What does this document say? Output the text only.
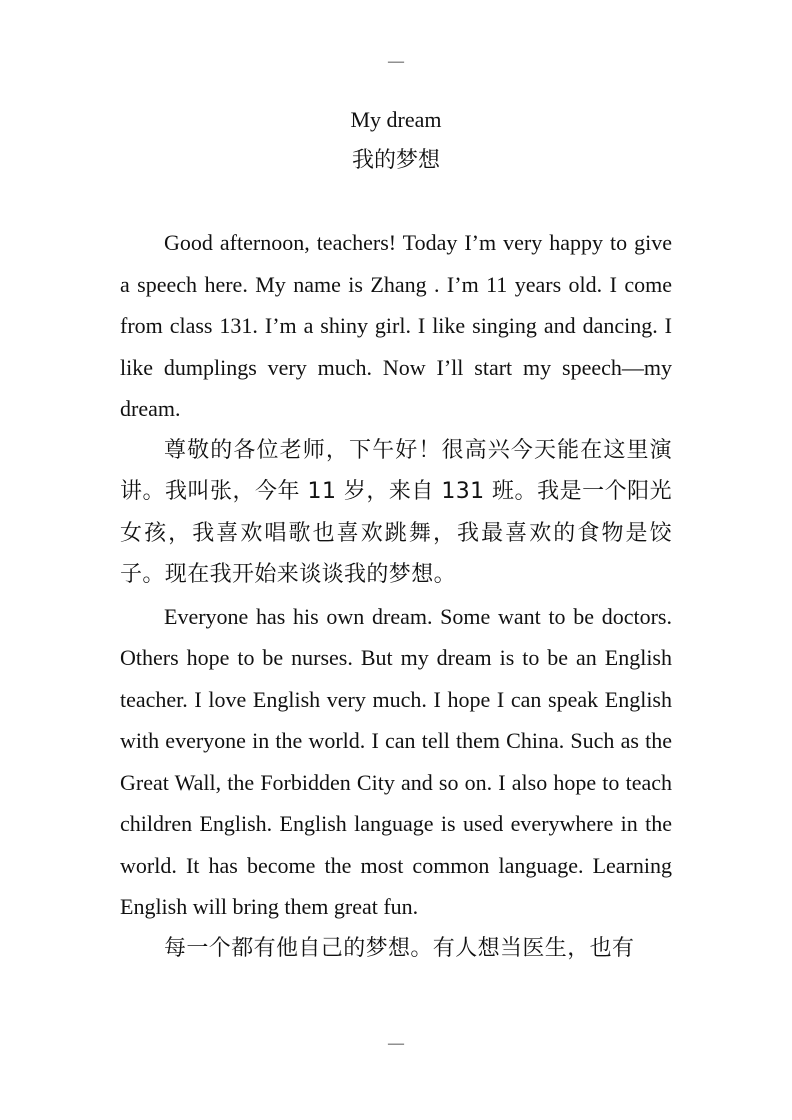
—
My dream
我的梦想

Good afternoon, teachers! Today I’m very happy to give a speech here. My name is Zhang . I’m 11 years old. I come from class 131. I’m a shiny girl. I like singing and dancing. I like dumplings very much. Now I’ll start my speech—my dream.

尊敬的各位老师，下午好！很高兴今天能在这里演讲。我叫张，今年 11 岁，来自 131 班。我是一个阳光女孩，我喜欢唱歌也喜欢跳舞，我最喜欢的食物是饺子。现在我开始来谈谈我的梦想。

Everyone has his own dream. Some want to be doctors. Others hope to be nurses. But my dream is to be an English teacher. I love English very much. I hope I can speak English with everyone in the world. I can tell them China. Such as the Great Wall, the Forbidden City and so on. I also hope to teach children English. English language is used everywhere in the world. It has become the most common language. Learning English will bring them great fun.

每一个都有他自己的梦想。有人想当医生，也有

—
